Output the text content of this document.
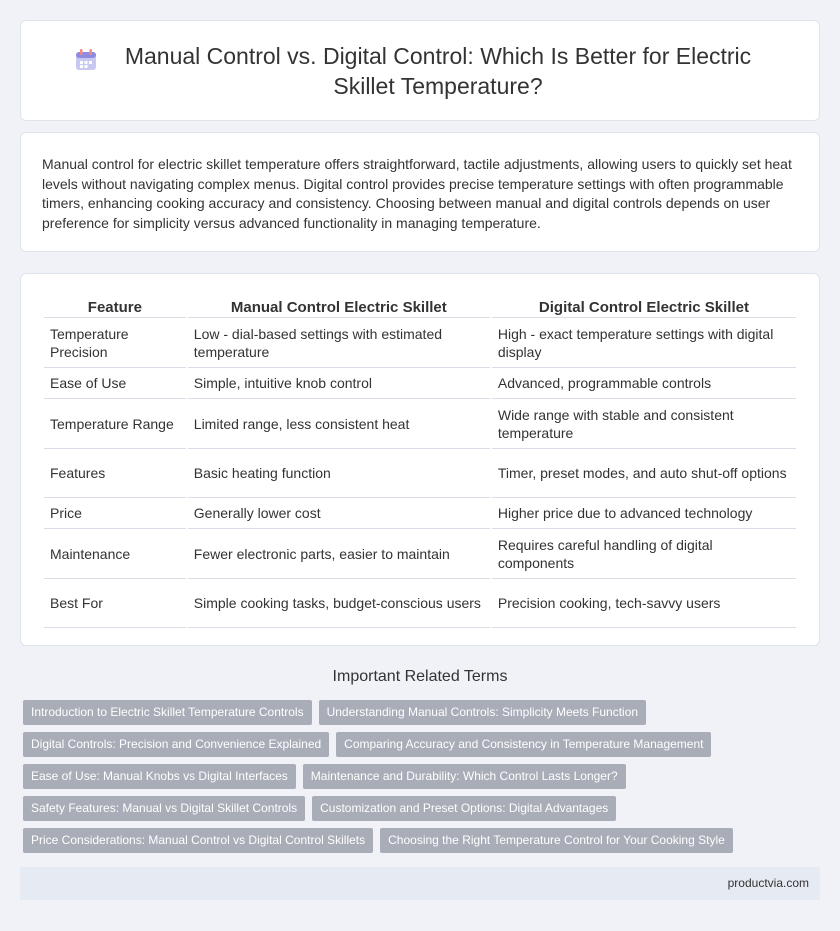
Manual Control vs. Digital Control: Which Is Better for Electric Skillet Temperature?

Manual control for electric skillet temperature offers straightforward, tactile adjustments, allowing users to quickly set heat levels without navigating complex menus. Digital control provides precise temperature settings with often programmable timers, enhancing cooking accuracy and consistency. Choosing between manual and digital controls depends on user preference for simplicity versus advanced functionality in managing temperature.

Feature	Manual Control Electric Skillet	Digital Control Electric Skillet
Temperature Precision	Low - dial-based settings with estimated temperature	High - exact temperature settings with digital display
Ease of Use	Simple, intuitive knob control	Advanced, programmable controls
Temperature Range	Limited range, less consistent heat	Wide range with stable and consistent temperature
Features	Basic heating function	Timer, preset modes, and auto shut-off options
Price	Generally lower cost	Higher price due to advanced technology
Maintenance	Fewer electronic parts, easier to maintain	Requires careful handling of digital components
Best For	Simple cooking tasks, budget-conscious users	Precision cooking, tech-savvy users
Important Related Terms
Introduction to Electric Skillet Temperature Controls	Understanding Manual Controls: Simplicity Meets Function
Digital Controls: Precision and Convenience Explained	Comparing Accuracy and Consistency in Temperature Management
Ease of Use: Manual Knobs vs Digital Interfaces	Maintenance and Durability: Which Control Lasts Longer?
Safety Features: Manual vs Digital Skillet Controls	Customization and Preset Options: Digital Advantages
Price Considerations: Manual Control vs Digital Control Skillets	Choosing the Right Temperature Control for Your Cooking Style
productvia.com
